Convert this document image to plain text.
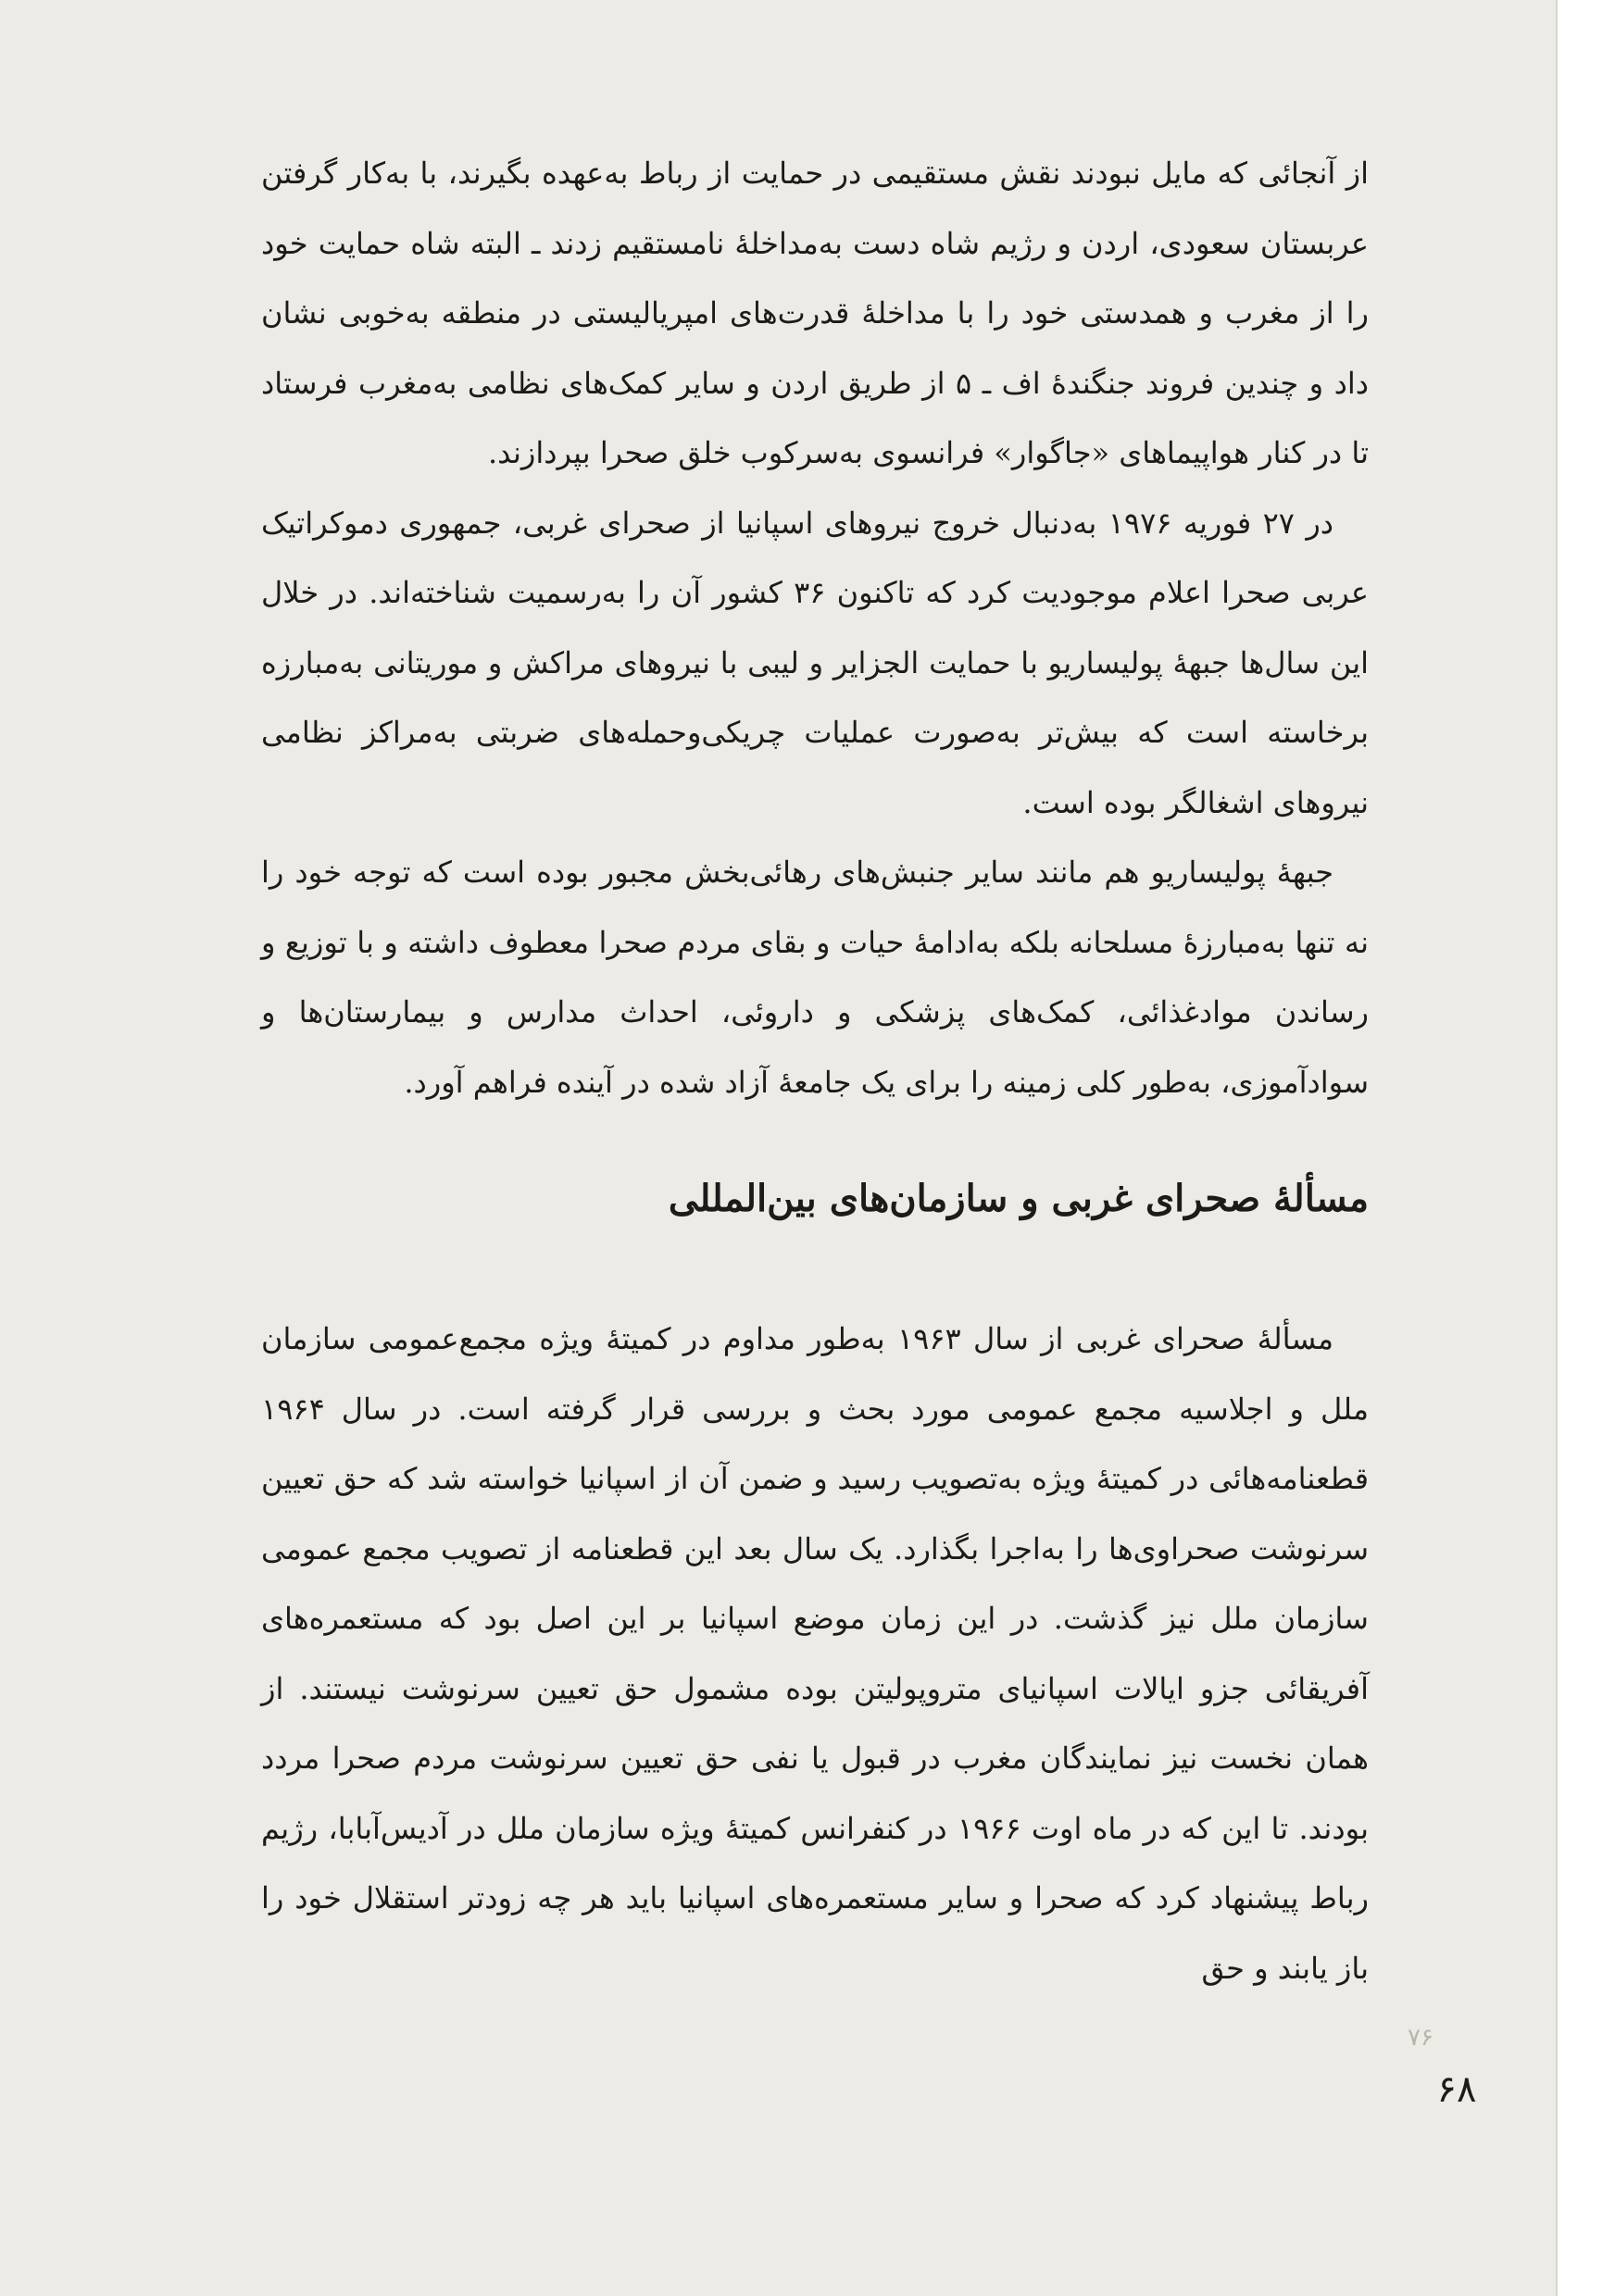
از آنجائی که مایل نبودند نقش مستقیمی در حمایت از رباط به‌عهده بگیرند، با به‌کار گرفتن عربستان سعودی، اردن و رژیم شاه دست به‌مداخلهٔ نامستقیم زدند ـ البته شاه حمایت خود را از مغرب و همدستی خود را با مداخلهٔ قدرت‌های امپریالیستی در منطقه به‌خوبی نشان داد و چندین فروند جنگندهٔ اف ـ ۵ از طریق اردن و سایر کمک‌های نظامی به‌مغرب فرستاد تا در کنار هواپیماهای «جاگوار» فرانسوی به‌سرکوب خلق صحرا بپردازند.

در ۲۷ فوریه ۱۹۷۶ به‌دنبال خروج نیروهای اسپانیا از صحرای غربی، جمهوری دموکراتیک عربی صحرا اعلام موجودیت کرد که تاکنون ۳۶ کشور آن را به‌رسمیت شناخته‌اند. در خلال این سال‌ها جبههٔ پولیساریو با حمایت الجزایر و لیبی با نیروهای مراکش و موریتانی به‌مبارزه برخاسته است که بیش‌تر به‌صورت عملیات چریکی‌وحمله‌های ضربتی به‌مراکز نظامی نیروهای اشغالگر بوده است.

جبههٔ پولیساریو هم مانند سایر جنبش‌های رهائی‌بخش مجبور بوده است که توجه خود را نه تنها به‌مبارزهٔ مسلحانه بلکه به‌ادامهٔ حیات و بقای مردم صحرا معطوف داشته و با توزیع و رساندن موادغذائی، کمک‌های پزشکی و داروئی، احداث مدارس و بیمارستان‌ها و سوادآموزی، به‌طور کلی زمینه را برای یک جامعهٔ آزاد شده در آینده فراهم آورد.

مسألهٔ صحرای غربی و سازمان‌های بین‌المللی

مسألهٔ صحرای غربی از سال ۱۹۶۳ به‌طور مداوم در کمیتهٔ ویژه مجمع‌عمومی سازمان ملل و اجلاسیه مجمع عمومی مورد بحث و بررسی قرار گرفته است. در سال ۱۹۶۴ قطعنامه‌هائی در کمیتهٔ ویژه به‌تصویب رسید و ضمن آن از اسپانیا خواسته شد که حق تعیین سرنوشت صحراوی‌ها را به‌اجرا بگذارد. یک سال بعد این قطعنامه از تصویب مجمع عمومی سازمان ملل نیز گذشت. در این زمان موضع اسپانیا بر این اصل بود که مستعمره‌های آفریقائی جزو ایالات اسپانیای متروپولیتن بوده مشمول حق تعیین سرنوشت نیستند. از همان نخست نیز نمایندگان مغرب در قبول یا نفی حق تعیین سرنوشت مردم صحرا مردد بودند. تا این که در ماه اوت ۱۹۶۶ در کنفرانس کمیتهٔ ویژه سازمان ملل در آدیس‌آبابا، رژیم رباط پیشنهاد کرد که صحرا و سایر مستعمره‌های اسپانیا باید هر چه زودتر استقلال خود را باز یابند و حق

۷۶
۶۸
